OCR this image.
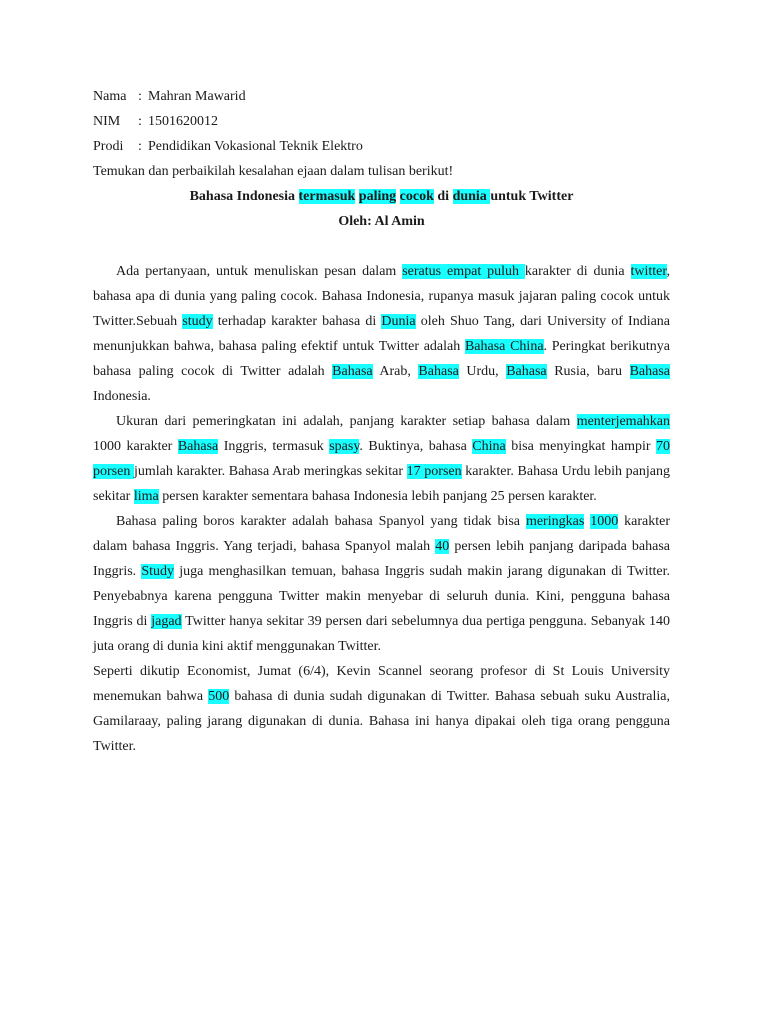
Nama : Mahran Mawarid
NIM : 1501620012
Prodi : Pendidikan Vokasional Teknik Elektro
Temukan dan perbaikilah kesalahan ejaan dalam tulisan berikut!
Bahasa Indonesia termasuk paling cocok di dunia untuk Twitter
Oleh: Al Amin

Ada pertanyaan, untuk menuliskan pesan dalam seratus empat puluh karakter di dunia twitter, bahasa apa di dunia yang paling cocok. Bahasa Indonesia, rupanya masuk jajaran paling cocok untuk Twitter.Sebuah study terhadap karakter bahasa di Dunia oleh Shuo Tang, dari University of Indiana menunjukkan bahwa, bahasa paling efektif untuk Twitter adalah Bahasa China. Peringkat berikutnya bahasa paling cocok di Twitter adalah Bahasa Arab, Bahasa Urdu, Bahasa Rusia, baru Bahasa Indonesia.

Ukuran dari pemeringkatan ini adalah, panjang karakter setiap bahasa dalam menterjemahkan 1000 karakter Bahasa Inggris, termasuk spasy. Buktinya, bahasa China bisa menyingkat hampir 70 porsen jumlah karakter. Bahasa Arab meringkas sekitar 17 porsen karakter. Bahasa Urdu lebih panjang sekitar lima persen karakter sementara bahasa Indonesia lebih panjang 25 persen karakter.

Bahasa paling boros karakter adalah bahasa Spanyol yang tidak bisa meringkas 1000 karakter dalam bahasa Inggris. Yang terjadi, bahasa Spanyol malah 40 persen lebih panjang daripada bahasa Inggris. Study juga menghasilkan temuan, bahasa Inggris sudah makin jarang digunakan di Twitter. Penyebabnya karena pengguna Twitter makin menyebar di seluruh dunia. Kini, pengguna bahasa Inggris di jagad Twitter hanya sekitar 39 persen dari sebelumnya dua pertiga pengguna. Sebanyak 140 juta orang di dunia kini aktif menggunakan Twitter.

Seperti dikutip Economist, Jumat (6/4), Kevin Scannel seorang profesor di St Louis University menemukan bahwa 500 bahasa di dunia sudah digunakan di Twitter. Bahasa sebuah suku Australia, Gamilaraay, paling jarang digunakan di dunia. Bahasa ini hanya dipakai oleh tiga orang pengguna Twitter.
